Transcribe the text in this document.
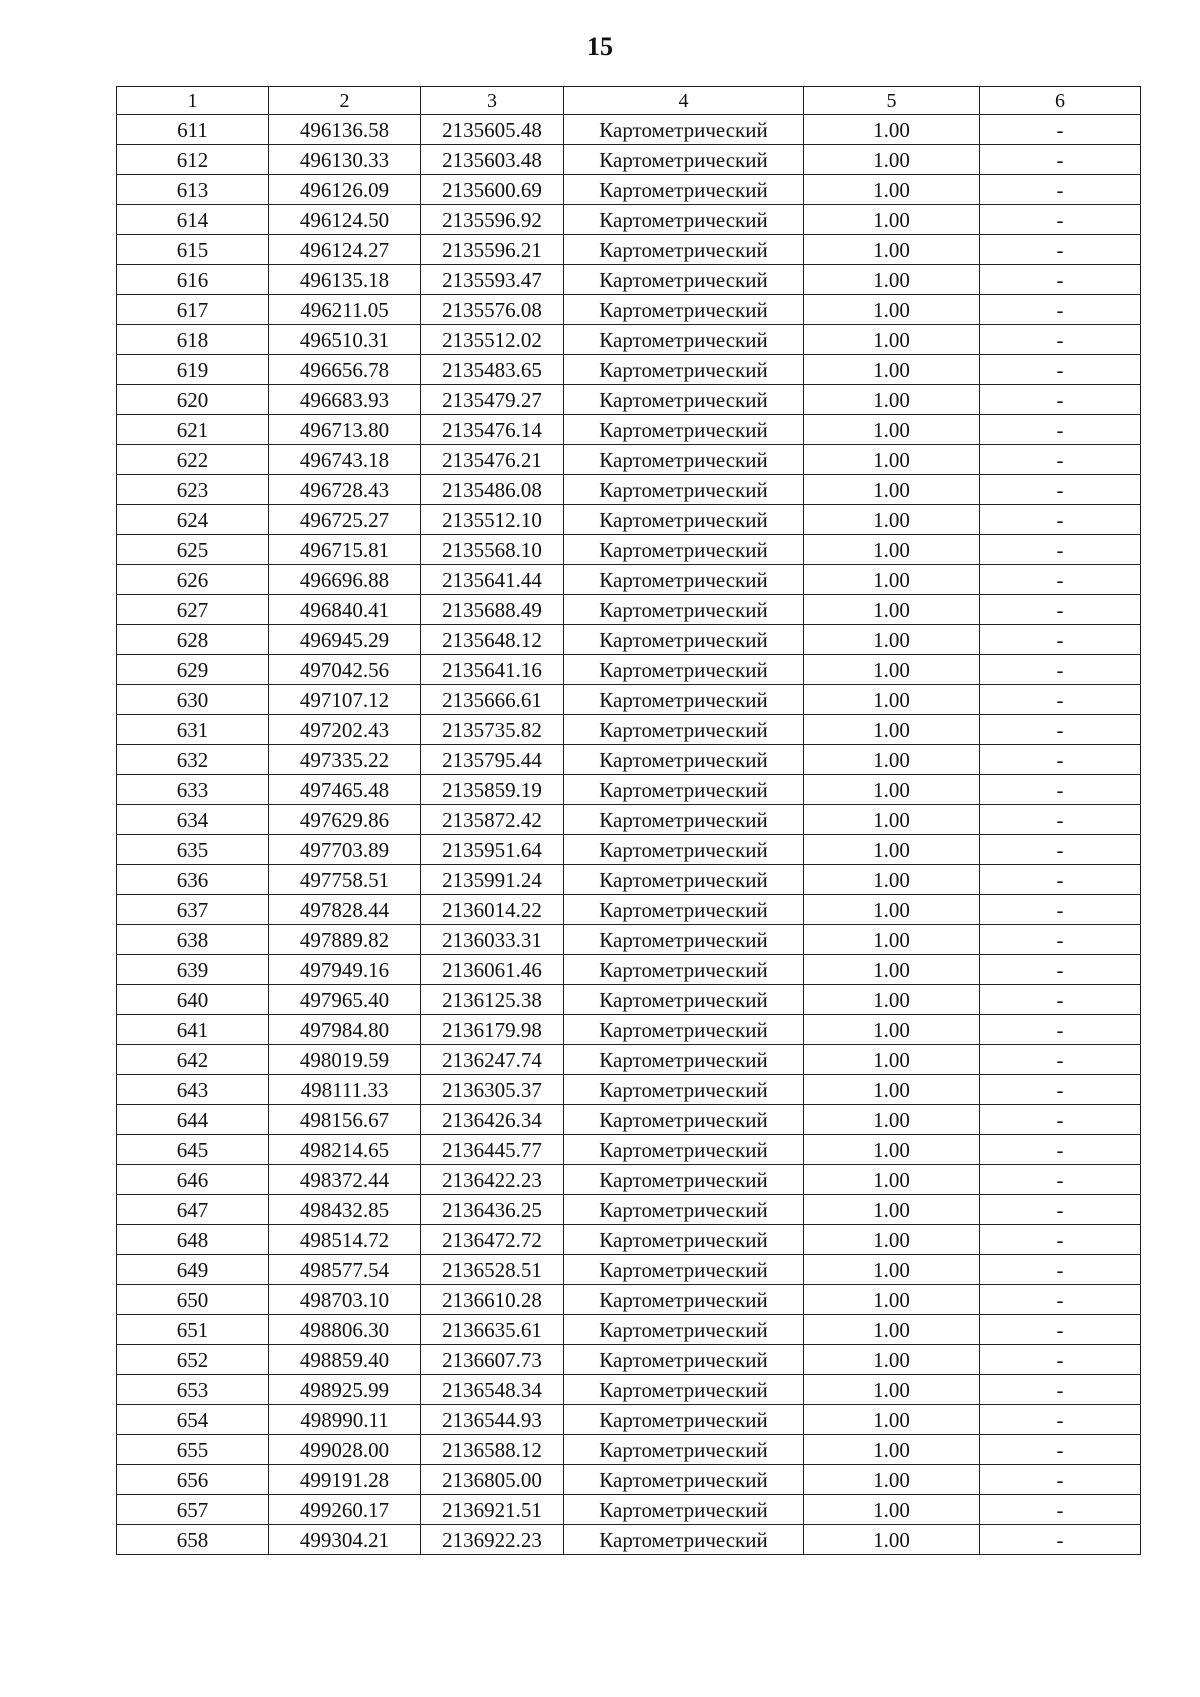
15
1	2	3	4	5	6
611	496136.58	2135605.48	Картометрический	1.00	-
612	496130.33	2135603.48	Картометрический	1.00	-
613	496126.09	2135600.69	Картометрический	1.00	-
614	496124.50	2135596.92	Картометрический	1.00	-
615	496124.27	2135596.21	Картометрический	1.00	-
616	496135.18	2135593.47	Картометрический	1.00	-
617	496211.05	2135576.08	Картометрический	1.00	-
618	496510.31	2135512.02	Картометрический	1.00	-
619	496656.78	2135483.65	Картометрический	1.00	-
620	496683.93	2135479.27	Картометрический	1.00	-
621	496713.80	2135476.14	Картометрический	1.00	-
622	496743.18	2135476.21	Картометрический	1.00	-
623	496728.43	2135486.08	Картометрический	1.00	-
624	496725.27	2135512.10	Картометрический	1.00	-
625	496715.81	2135568.10	Картометрический	1.00	-
626	496696.88	2135641.44	Картометрический	1.00	-
627	496840.41	2135688.49	Картометрический	1.00	-
628	496945.29	2135648.12	Картометрический	1.00	-
629	497042.56	2135641.16	Картометрический	1.00	-
630	497107.12	2135666.61	Картометрический	1.00	-
631	497202.43	2135735.82	Картометрический	1.00	-
632	497335.22	2135795.44	Картометрический	1.00	-
633	497465.48	2135859.19	Картометрический	1.00	-
634	497629.86	2135872.42	Картометрический	1.00	-
635	497703.89	2135951.64	Картометрический	1.00	-
636	497758.51	2135991.24	Картометрический	1.00	-
637	497828.44	2136014.22	Картометрический	1.00	-
638	497889.82	2136033.31	Картометрический	1.00	-
639	497949.16	2136061.46	Картометрический	1.00	-
640	497965.40	2136125.38	Картометрический	1.00	-
641	497984.80	2136179.98	Картометрический	1.00	-
642	498019.59	2136247.74	Картометрический	1.00	-
643	498111.33	2136305.37	Картометрический	1.00	-
644	498156.67	2136426.34	Картометрический	1.00	-
645	498214.65	2136445.77	Картометрический	1.00	-
646	498372.44	2136422.23	Картометрический	1.00	-
647	498432.85	2136436.25	Картометрический	1.00	-
648	498514.72	2136472.72	Картометрический	1.00	-
649	498577.54	2136528.51	Картометрический	1.00	-
650	498703.10	2136610.28	Картометрический	1.00	-
651	498806.30	2136635.61	Картометрический	1.00	-
652	498859.40	2136607.73	Картометрический	1.00	-
653	498925.99	2136548.34	Картометрический	1.00	-
654	498990.11	2136544.93	Картометрический	1.00	-
655	499028.00	2136588.12	Картометрический	1.00	-
656	499191.28	2136805.00	Картометрический	1.00	-
657	499260.17	2136921.51	Картометрический	1.00	-
658	499304.21	2136922.23	Картометрический	1.00	-
